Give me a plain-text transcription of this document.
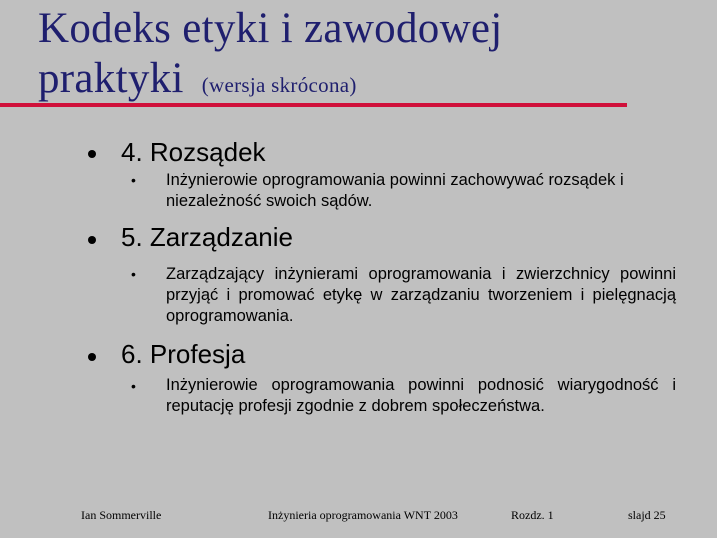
Kodeks etyki i zawodowej
praktyki (wersja skrócona)
4. Rozsądek
• Inżynierowie oprogramowania powinni zachowywać rozsądek i niezależność swoich sądów.
5. Zarządzanie
• Zarządzający inżynierami oprogramowania i zwierzchnicy powinni przyjąć i promować etykę w zarządzaniu tworzeniem i pielęgnacją oprogramowania.
6. Profesja
• Inżynierowie oprogramowania powinni podnosić wiarygodność i reputację profesji zgodnie z dobrem społeczeństwa.
Ian Sommerville	Inżynieria oprogramowania WNT 2003	Rozdz. 1	slajd 25
